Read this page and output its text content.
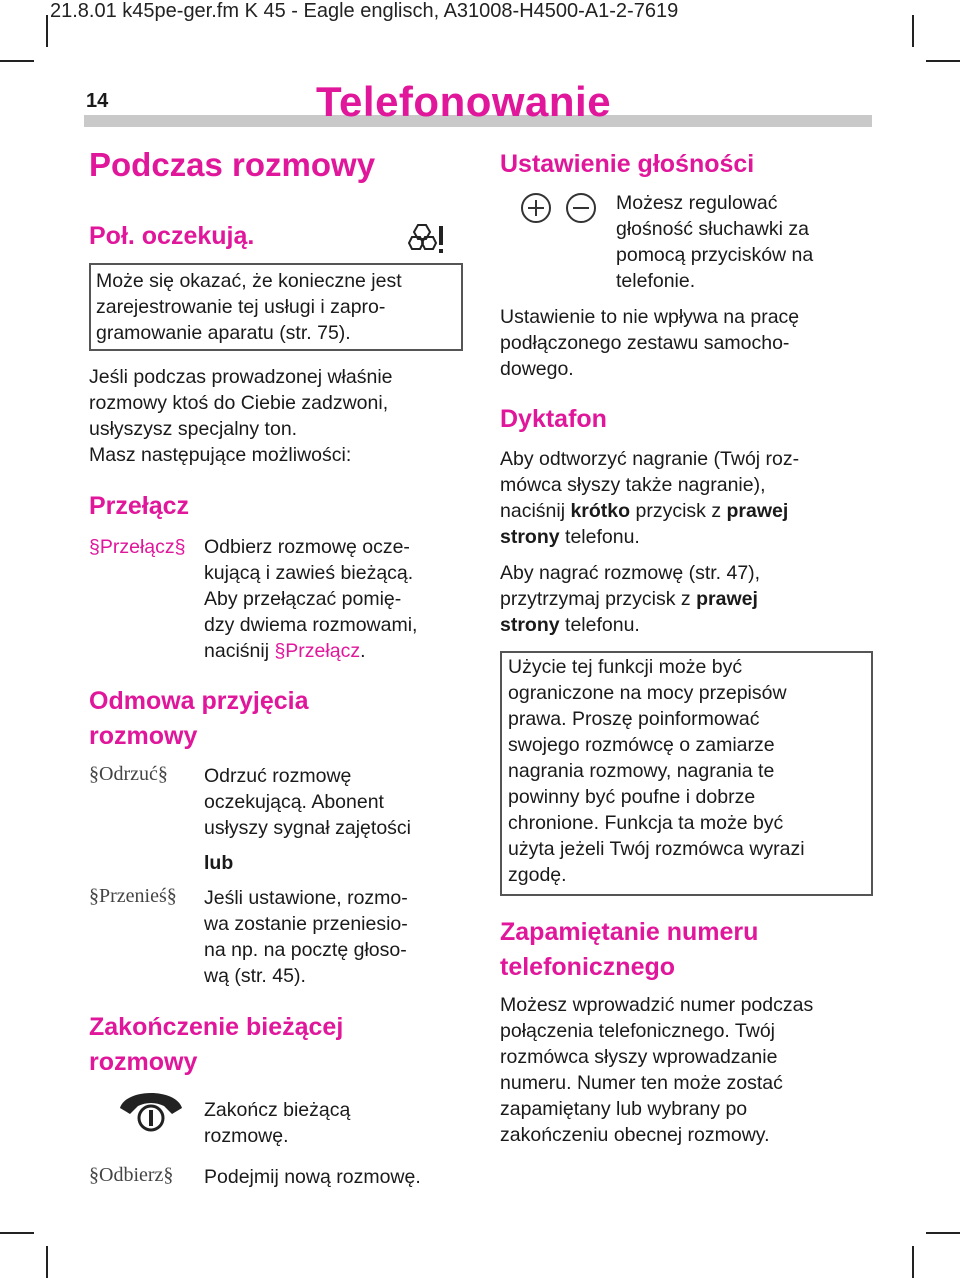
21.8.01 k45pe-ger.fm K 45 - Eagle englisch, A31008-H4500-A1-2-7619
14	Telefonowanie
Podczas rozmowy
Poł. oczekują.
Może się okazać, że konieczne jest
zarejestrowanie tej usługi i zapro-
gramowanie aparatu (str. 75).
Jeśli podczas prowadzonej właśnie
rozmowy ktoś do Ciebie zadzwoni,
usłyszysz specjalny ton.
Masz następujące możliwości:
Przełącz
§Przełącz§ Odbierz rozmowę ocze-
kującą i zawieś bieżącą.
Aby przełączać pomię-
dzy dwiema rozmowami,
naciśnij §Przełącz.
Odmowa przyjęcia
rozmowy
§Odrzuć§ Odrzuć rozmowę
oczekującą. Abonent
usłyszy sygnał zajętości
lub
§Przenieś§ Jeśli ustawione, rozmo-
wa zostanie przeniesio-
na np. na pocztę głoso-
wą (str. 45).
Zakończenie bieżącej
rozmowy
Zakończ bieżącą
rozmowę.
§Odbierz§ Podejmij nową rozmowę.
Ustawienie głośności
Możesz regulować
głośność słuchawki za
pomocą przycisków na
telefonie.
Ustawienie to nie wpływa na pracę
podłączonego zestawu samocho-
dowego.
Dyktafon
Aby odtworzyć nagranie (Twój roz-
mówca słyszy także nagranie),
naciśnij krótko przycisk z prawej
strony telefonu.
Aby nagrać rozmowę (str. 47),
przytrzymaj przycisk z prawej
strony telefonu.
Użycie tej funkcji może być
ograniczone na mocy przepisów
prawa. Proszę poinformować
swojego rozmówcę o zamiarze
nagrania rozmowy, nagrania te
powinny być poufne i dobrze
chronione. Funkcja ta może być
użyta jeżeli Twój rozmówca wyrazi
zgodę.
Zapamiętanie numeru
telefonicznego
Możesz wprowadzić numer podczas
połączenia telefonicznego. Twój
rozmówca słyszy wprowadzanie
numeru. Numer ten może zostać
zapamiętany lub wybrany po
zakończeniu obecnej rozmowy.
